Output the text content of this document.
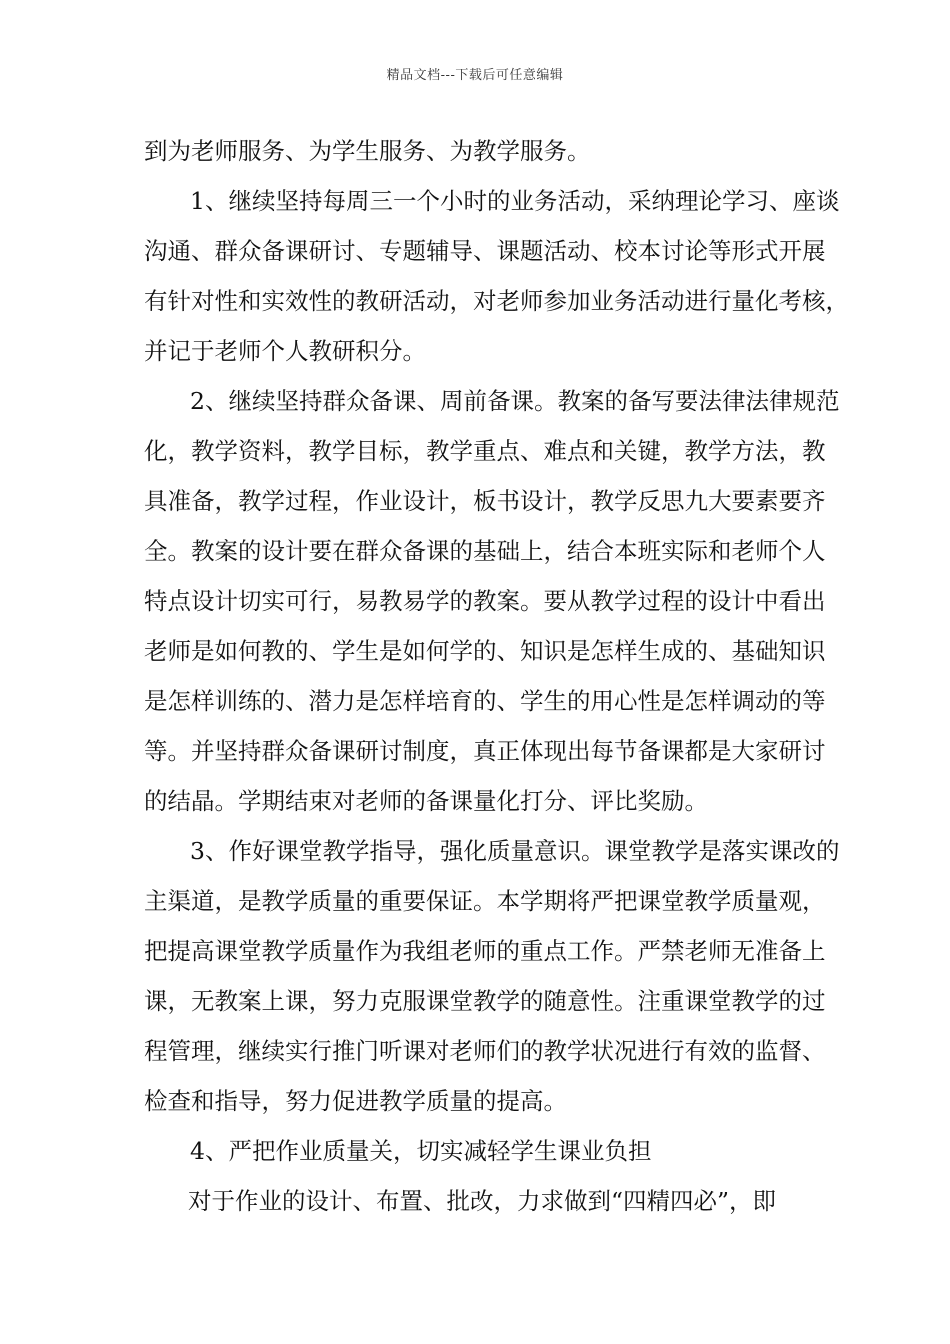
精品文档---下载后可任意编辑
到为老师服务、为学生服务、为教学服务。
1、继续坚持每周三一个小时的业务活动，采纳理论学习、座谈
沟通、群众备课研讨、专题辅导、课题活动、校本讨论等形式开展
有针对性和实效性的教研活动，对老师参加业务活动进行量化考核，
并记于老师个人教研积分。
2、继续坚持群众备课、周前备课。教案的备写要法律法律规范
化，教学资料，教学目标，教学重点、难点和关键，教学方法，教
具准备，教学过程，作业设计，板书设计，教学反思九大要素要齐
全。教案的设计要在群众备课的基础上，结合本班实际和老师个人
特点设计切实可行，易教易学的教案。要从教学过程的设计中看出
老师是如何教的、学生是如何学的、知识是怎样生成的、基础知识
是怎样训练的、潜力是怎样培育的、学生的用心性是怎样调动的等
等。并坚持群众备课研讨制度，真正体现出每节备课都是大家研讨
的结晶。学期结束对老师的备课量化打分、评比奖励。
3、作好课堂教学指导，强化质量意识。课堂教学是落实课改的
主渠道，是教学质量的重要保证。本学期将严把课堂教学质量观，
把提高课堂教学质量作为我组老师的重点工作。严禁老师无准备上
课，无教案上课，努力克服课堂教学的随意性。注重课堂教学的过
程管理，继续实行推门听课对老师们的教学状况进行有效的监督、
检查和指导，努力促进教学质量的提高。
4、严把作业质量关，切实减轻学生课业负担
对于作业的设计、布置、批改，力求做到“四精四必”，即
